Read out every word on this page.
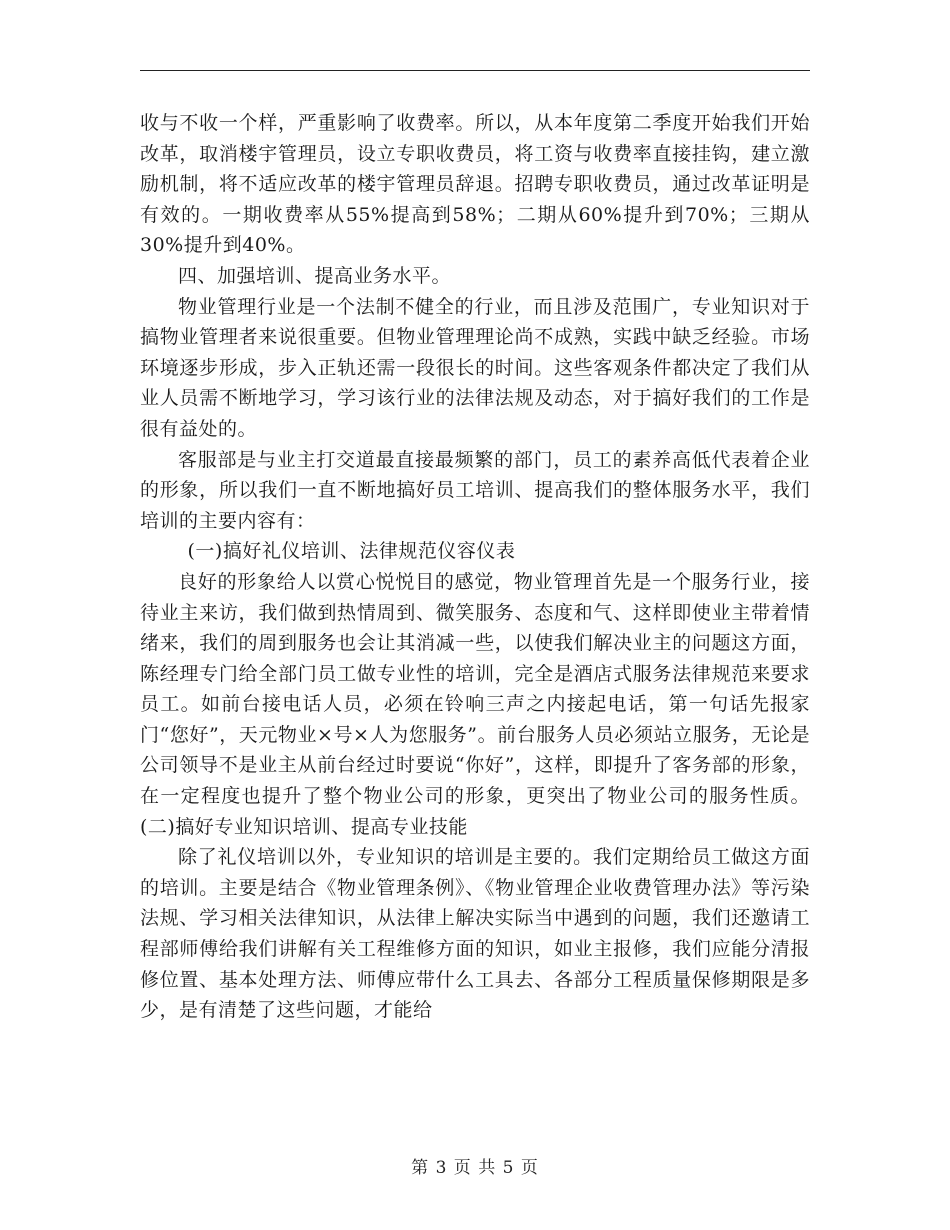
收与不收一个样，严重影响了收费率。所以，从本年度第二季度开始我们开始改革，取消楼宇管理员，设立专职收费员，将工资与收费率直接挂钩，建立激励机制，将不适应改革的楼宇管理员辞退。招聘专职收费员，通过改革证明是有效的。一期收费率从55%提高到58%；二期从60%提升到70%；三期从30%提升到40%。

四、加强培训、提高业务水平。

物业管理行业是一个法制不健全的行业，而且涉及范围广，专业知识对于搞物业管理者来说很重要。但物业管理理论尚不成熟，实践中缺乏经验。市场环境逐步形成，步入正轨还需一段很长的时间。这些客观条件都决定了我们从业人员需不断地学习，学习该行业的法律法规及动态，对于搞好我们的工作是很有益处的。

客服部是与业主打交道最直接最频繁的部门，员工的素养高低代表着企业的形象，所以我们一直不断地搞好员工培训、提高我们的整体服务水平，我们培训的主要内容有：

(一)搞好礼仪培训、法律规范仪容仪表

良好的形象给人以赏心悦悦目的感觉，物业管理首先是一个服务行业，接待业主来访，我们做到热情周到、微笑服务、态度和气、这样即使业主带着情绪来，我们的周到服务也会让其消减一些，以使我们解决业主的问题这方面，陈经理专门给全部门员工做专业性的培训，完全是酒店式服务法律规范来要求员工。如前台接电话人员，必须在铃响三声之内接起电话，第一句话先报家门“您好”，天元物业×号×人为您服务”。前台服务人员必须站立服务，无论是公司领导不是业主从前台经过时要说“你好”，这样，即提升了客务部的形象，在一定程度也提升了整个物业公司的形象，更突出了物业公司的服务性质。(二)搞好专业知识培训、提高专业技能

除了礼仪培训以外，专业知识的培训是主要的。我们定期给员工做这方面的培训。主要是结合《物业管理条例》、《物业管理企业收费管理办法》等污染法规、学习相关法律知识，从法律上解决实际当中遇到的问题，我们还邀请工程部师傅给我们讲解有关工程维修方面的知识，如业主报修，我们应能分清报修位置、基本处理方法、师傅应带什么工具去、各部分工程质量保修期限是多少，是有清楚了这些问题，才能给

第 3 页 共 5 页
